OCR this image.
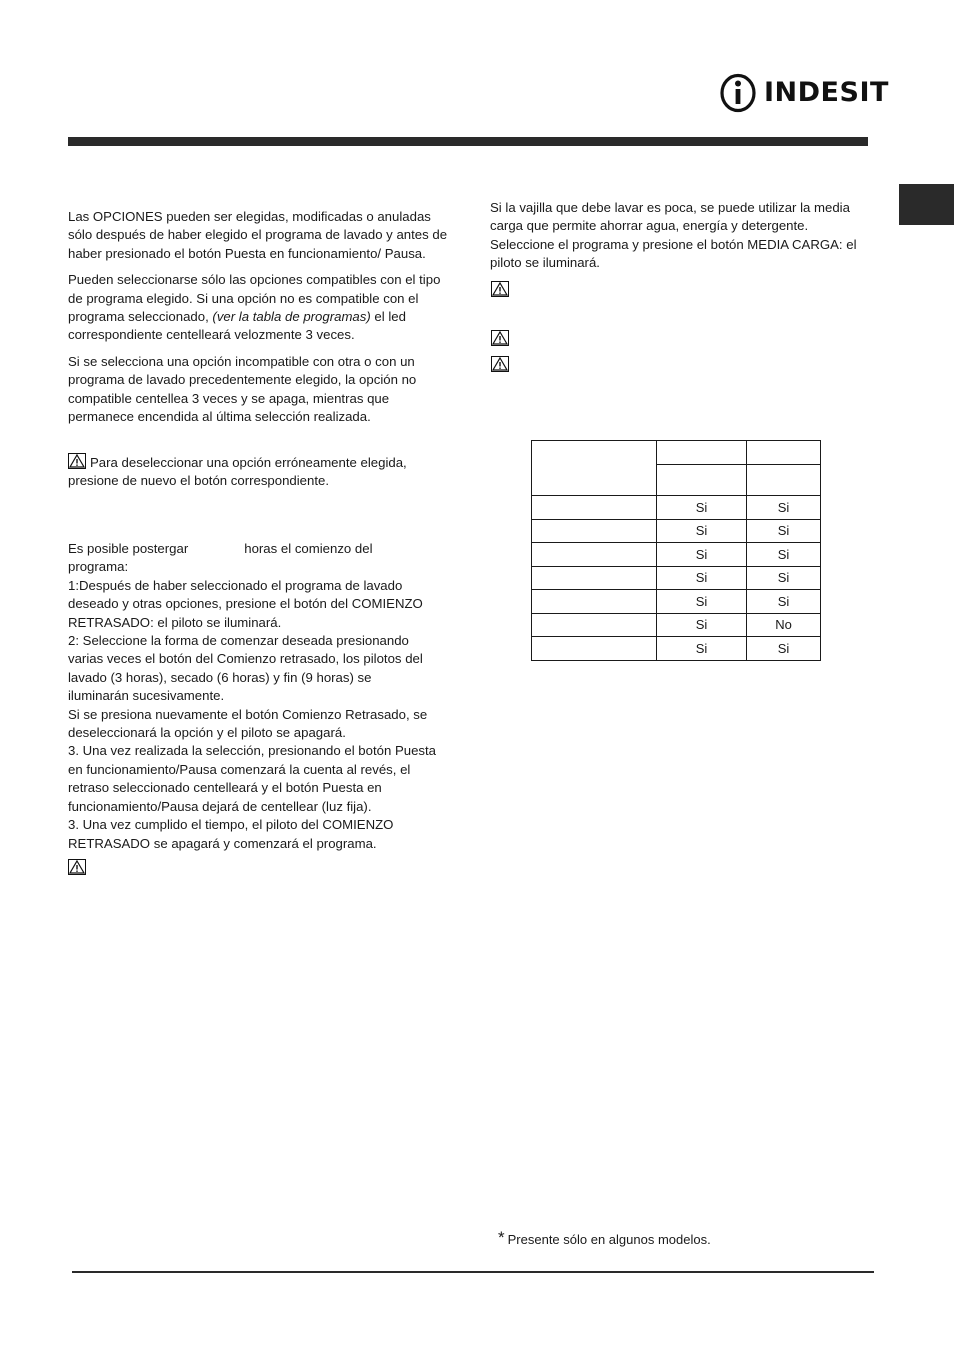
INDESIT

Las OPCIONES pueden ser elegidas, modificadas o anuladas sólo después de haber elegido el programa de lavado y antes de haber presionado el botón Puesta en funcionamiento/ Pausa.

Pueden seleccionarse sólo las opciones compatibles con el tipo de programa elegido. Si una opción no es compatible con el programa seleccionado, (ver la tabla de programas) el led correspondiente centelleará velozmente 3 veces.

Si se selecciona una opción incompatible con otra o con un programa de lavado precedentemente elegido, la opción no compatible centellea 3 veces y se apaga, mientras que permanece encendida al última selección realizada.

Para deseleccionar una opción erróneamente elegida, presione de nuevo el botón correspondiente.

Es posible postergar	horas el comienzo del

programa:

1:Después de haber seleccionado el programa de lavado

deseado y otras opciones, presione el botón del COMIENZO

RETRASADO: el piloto se iluminará.

2: Seleccione la forma de comenzar deseada presionando

varias veces el botón del Comienzo retrasado, los pilotos del

lavado (3 horas), secado (6 horas) y fin (9 horas) se

iluminarán sucesivamente.

Si se presiona nuevamente el botón Comienzo Retrasado, se

deseleccionará la opción y el piloto se apagará.

3. Una vez realizada la selección, presionando el botón Puesta

en funcionamiento/Pausa comenzará la cuenta al revés, el

retraso seleccionado centelleará y el botón Puesta en

funcionamiento/Pausa dejará de centellear (luz fija).

3. Una vez cumplido el tiempo, el piloto del COMIENZO

RETRASADO se apagará y comenzará el programa.

Si la vajilla que debe lavar es poca, se puede utilizar la media

carga que permite ahorrar agua, energía y detergente.

Seleccione el programa y presione el botón MEDIA CARGA: el

piloto se iluminará.

	Si	Si
	Si	Si
	Si	Si
	Si	Si
	Si	Si
	Si	No
	Si	Si
* Presente sólo en algunos modelos.
